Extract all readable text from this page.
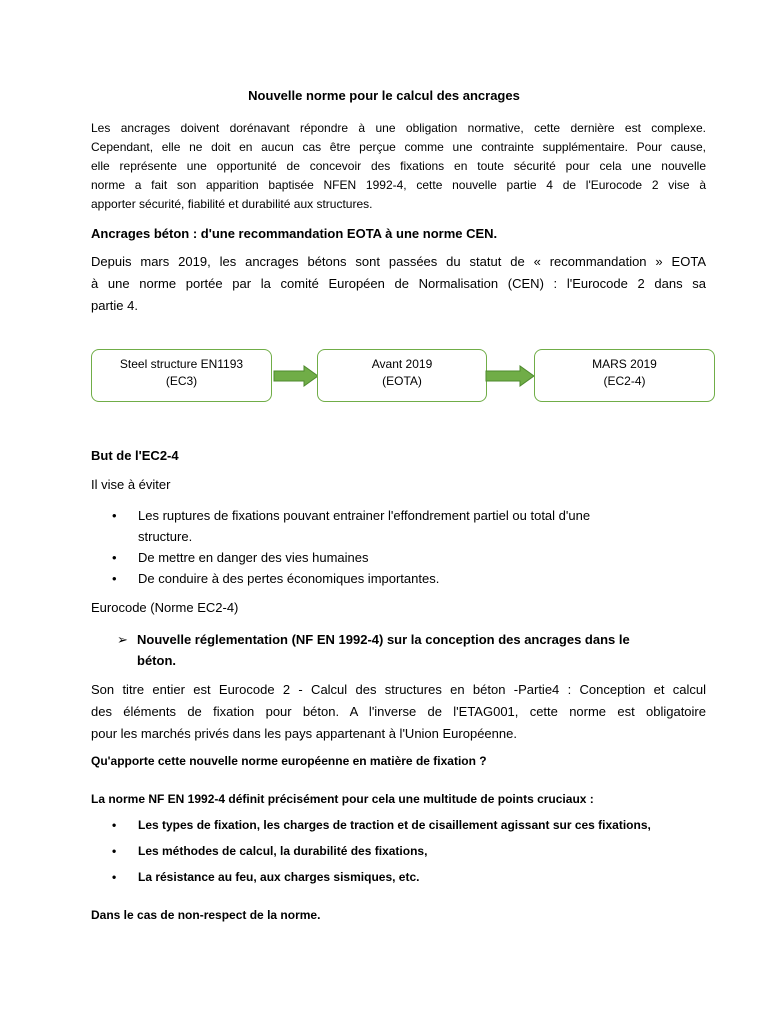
Nouvelle norme pour le calcul des ancrages
Les ancrages doivent dorénavant répondre à une obligation normative, cette dernière est complexe.
Cependant, elle ne doit en aucun cas être perçue comme une contrainte supplémentaire. Pour cause,
elle représente une opportunité de concevoir des fixations en toute sécurité pour cela une nouvelle
norme a fait son apparition baptisée NFEN 1992-4, cette nouvelle partie 4 de l'Eurocode 2 vise à
apporter sécurité, fiabilité et durabilité aux structures.
Ancrages béton : d'une recommandation EOTA à une norme CEN.
Depuis mars 2019, les ancrages bétons sont passées du statut de « recommandation » EOTA
à une norme portée par la comité Européen de Normalisation (CEN) : l'Eurocode 2 dans sa
partie 4.
Steel structure EN1193
(EC3)
Avant 2019
(EOTA)
MARS 2019
(EC2-4)
But de l'EC2-4
Il vise à éviter
• Les ruptures de fixations pouvant entrainer l'effondrement partiel ou total d'une
structure.
• De mettre en danger des vies humaines
• De conduire à des pertes économiques importantes.
Eurocode (Norme EC2-4)
➢ Nouvelle réglementation (NF EN 1992-4) sur la conception des ancrages dans le
béton.
Son titre entier est Eurocode 2 - Calcul des structures en béton -Partie4 : Conception et calcul
des éléments de fixation pour béton. A l'inverse de l'ETAG001, cette norme est obligatoire
pour les marchés privés dans les pays appartenant à l'Union Européenne.
Qu'apporte cette nouvelle norme européenne en matière de fixation ?
La norme NF EN 1992-4 définit précisément pour cela une multitude de points cruciaux :
• Les types de fixation, les charges de traction et de cisaillement agissant sur ces fixations,
• Les méthodes de calcul, la durabilité des fixations,
• La résistance au feu, aux charges sismiques, etc.
Dans le cas de non-respect de la norme.
